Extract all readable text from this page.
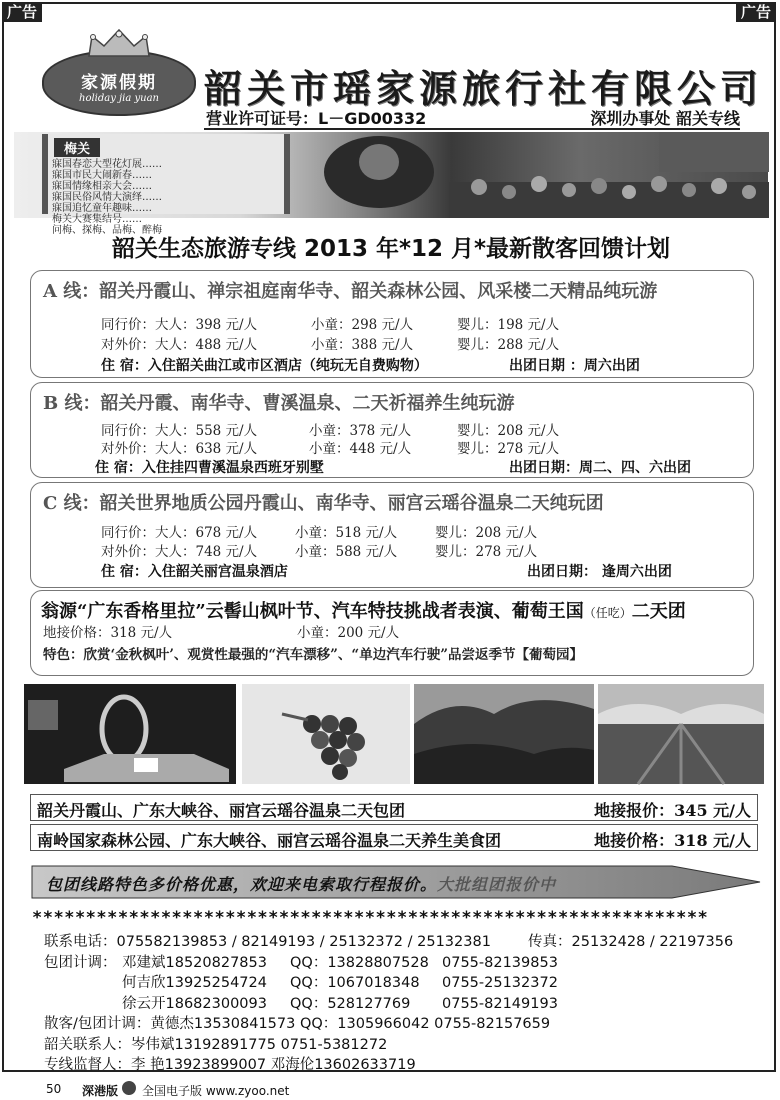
广告	广告
家源假期
holiday jia yuan	韶关市瑶家源旅行社有限公司
营业许可证号：L－GD00332	深圳办事处 韶关专线
梅关
寐国春恋大型花灯展……
寐国市民大闹新春……
寐国情缘相亲大会……
寐国民俗风情大演绎……
寐国追忆童年趣味……
梅关大赛集结号……
问梅、探梅、品梅、醉梅
韶关生态旅游专线 2013 年*12 月*最新散客回馈计划
A 线：韶关丹霞山、禅宗祖庭南华寺、韶关森林公园、风采楼二天精品纯玩游
同行价：大人：398 元/人	小童：298 元/人	婴儿：198 元/人
对外价：大人：488 元/人	小童：388 元/人	婴儿：288 元/人
住 宿：入住韶关曲江或市区酒店（纯玩无自费购物）	出团日期 ：周六出团
B 线：韶关丹霞、南华寺、曹溪温泉、二天祈福养生纯玩游
同行价：大人：558 元/人	小童：378 元/人	婴儿：208 元/人
对外价：大人：638 元/人	小童：448 元/人	婴儿：278 元/人
住 宿：入住挂四曹溪温泉西班牙别墅	出团日期：周二、四、六出团
C 线：韶关世界地质公园丹霞山、南华寺、丽宫云瑶谷温泉二天纯玩团
同行价：大人：678 元/人	小童：518 元/人	婴儿：208 元/人
对外价：大人：748 元/人	小童：588 元/人	婴儿：278 元/人
住 宿：入住韶关丽宫温泉酒店	出团日期： 逢周六出团
翁源“广东香格里拉”云髻山枫叶节、汽车特技挑战者表演、葡萄王国（任吃）二天团
地接价格：318 元/人	小童：200 元/人
特色：欣赏‘金秋枫叶’、观赏性最强的“汽车漂移”、“单边汽车行驶”品尝返季节【葡萄园】
韶关丹霞山、广东大峡谷、丽宫云瑶谷温泉二天包团	地接报价：345 元/人
南岭国家森林公园、广东大峡谷、丽宫云瑶谷温泉二天养生美食团	地接价格：318 元/人
包团线路特色多价格优惠，欢迎来电索取行程报价。大批组团报价中
***************************************************************
联系电话：075582139853 / 82149193 / 25132372 / 25132381	传真：25132428 / 22197356
包团计调： 邓建斌18520827853 QQ：13828807528 0755-82139853
何吉欣13925254724 QQ：1067018348 0755-25132372
徐云开18682300093 QQ：528127769 0755-82149193
散客/包团计调：黄德杰13530841573 QQ：1305966042 0755-82157659
韶关联系人：岑伟斌13192891775 0751-5381272
专线监督人：李 艳13923899007 邓海伦13602633719
50 深港版 全国电子版 www.zyoo.net
